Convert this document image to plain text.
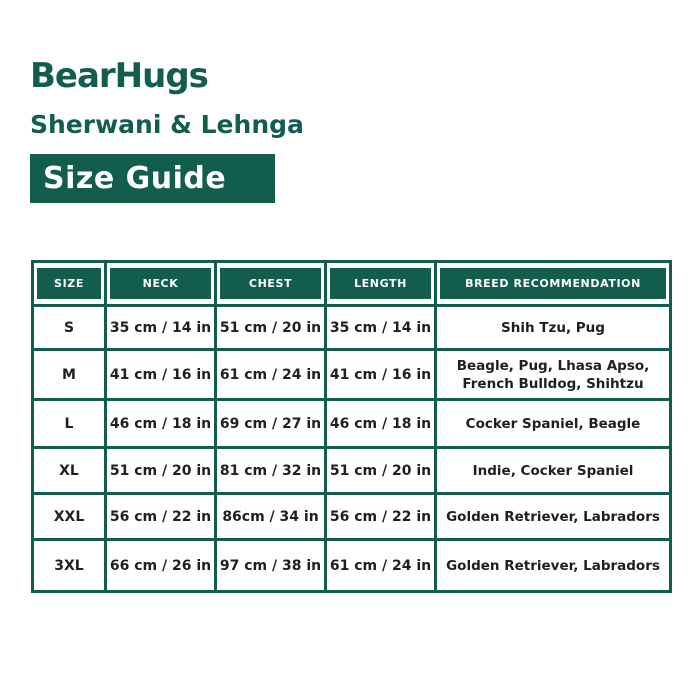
BearHugs
Sherwani & Lehnga
Size Guide
SIZE	NECK	CHEST	LENGTH	BREED RECOMMENDATION

S	35 cm / 14 in	51 cm / 20 in	35 cm / 14 in	Shih Tzu, Pug

M	41 cm / 16 in	61 cm / 24 in	41 cm / 16 in	Beagle, Pug, Lhasa Apso,
French Bulldog, Shihtzu

L	46 cm / 18 in	69 cm / 27 in	46 cm / 18 in	Cocker Spaniel, Beagle

XL	51 cm / 20 in	81 cm / 32 in	51 cm / 20 in	Indie, Cocker Spaniel

XXL	56 cm / 22 in	86cm / 34 in	56 cm / 22 in	Golden Retriever, Labradors

3XL	66 cm / 26 in	97 cm / 38 in	61 cm / 24 in	Golden Retriever, Labradors
